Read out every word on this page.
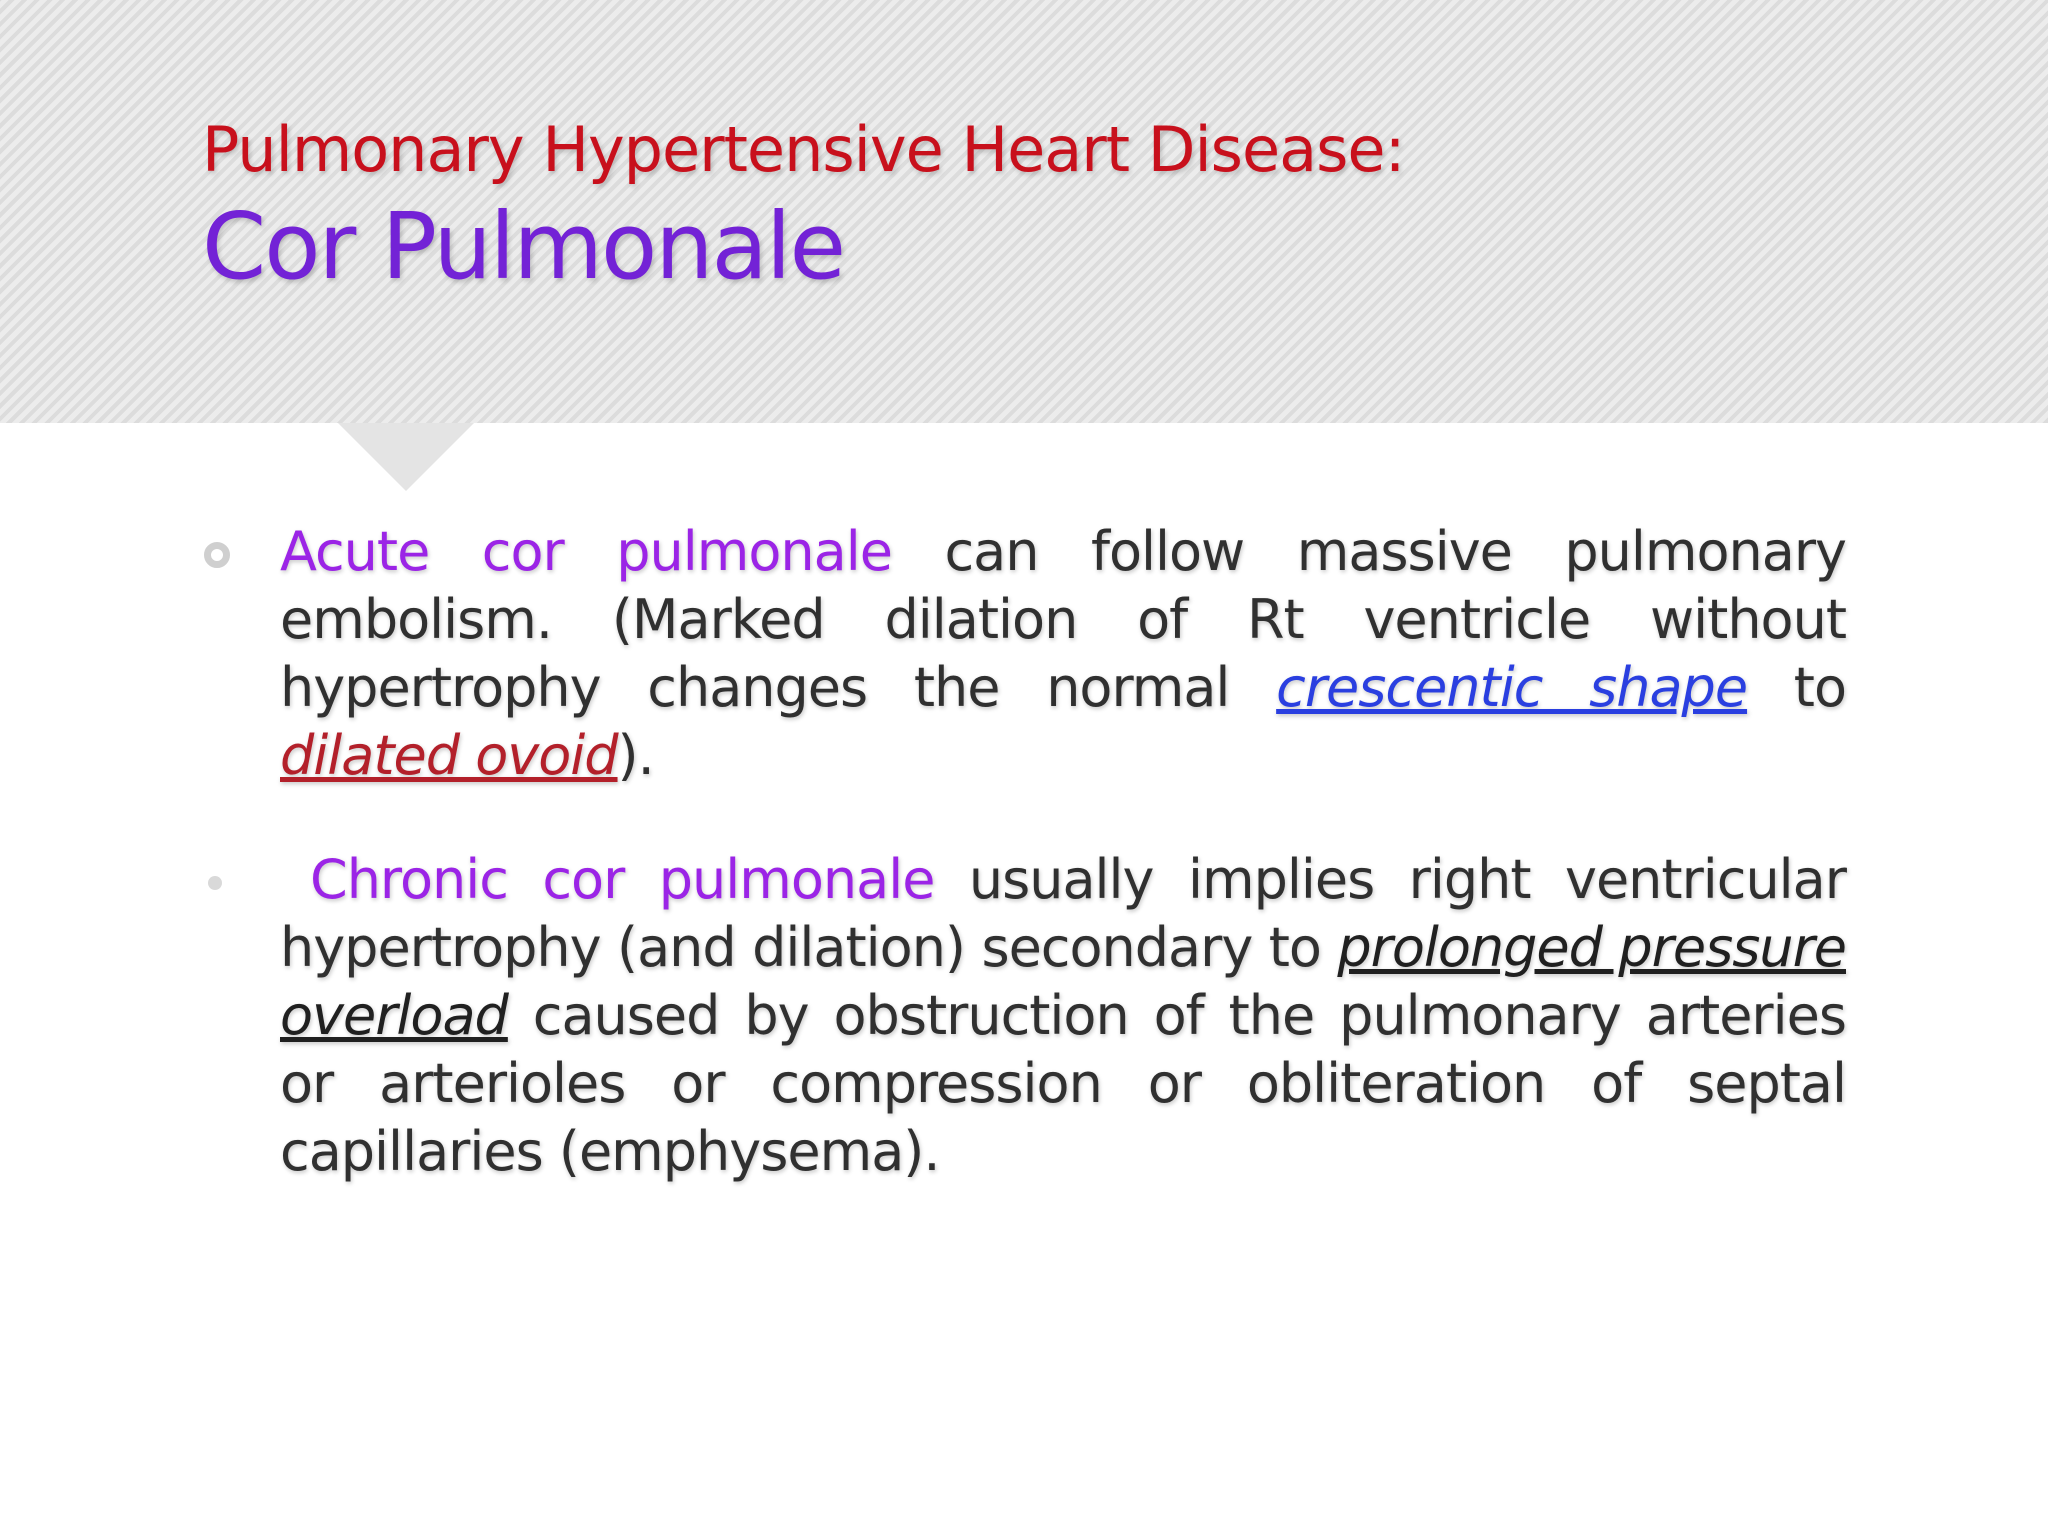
Pulmonary Hypertensive Heart Disease:
Cor Pulmonale
Acute cor pulmonale can follow massive pulmonary embolism. (Marked dilation of Rt ventricle without hypertrophy changes the normal crescentic shape to dilated ovoid).
Chronic cor pulmonale usually implies right ventricular hypertrophy (and dilation) secondary to prolonged pressure overload caused by obstruction of the pulmonary arteries or arterioles or compression or obliteration of septal capillaries (emphysema).
